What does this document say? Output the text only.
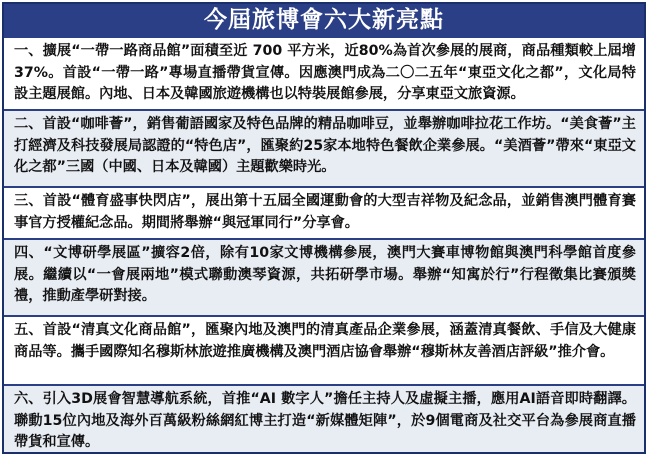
今屆旅博會六大新亮點
一、擴展“一帶一路商品館”面積至近 700 平方米，近80%為首次參展的展商，商品種類較上屆增37%。首設“一帶一路”專場直播帶貨宣傳。因應澳門成為二〇二五年“東亞文化之都”，文化局特設主題展館。內地、日本及韓國旅遊機構也以特裝展館參展，分享東亞文旅資源。
二、首設“咖啡薈”，銷售葡語國家及特色品牌的精品咖啡豆，並舉辦咖啡拉花工作坊。“美食薈”主打經濟及科技發展局認證的“特色店”，匯聚約25家本地特色餐飲企業參展。“美酒薈”帶來“東亞文化之都”三國（中國、日本及韓國）主題歡樂時光。
三、首設“體育盛事快閃店”，展出第十五屆全國運動會的大型吉祥物及紀念品，並銷售澳門體育賽事官方授權紀念品。期間將舉辦“與冠軍同行”分享會。
四、“文博研學展區”擴容2倍，除有10家文博機構參展，澳門大賽車博物館與澳門科學館首度參展。繼續以“一會展兩地”模式聯動澳琴資源，共拓研學市場。舉辦“知寓於行”行程徵集比賽頒獎禮，推動產學研對接。
五、首設“清真文化商品館”，匯聚內地及澳門的清真產品企業參展，涵蓋清真餐飲、手信及大健康商品等。攜手國際知名穆斯林旅遊推廣機構及澳門酒店協會舉辦“穆斯林友善酒店評級”推介會。
六、引入3D展會智慧導航系統，首推“AI 數字人”擔任主持人及虛擬主播，應用AI語音即時翻譯。聯動15位內地及海外百萬級粉絲網紅博主打造“新媒體矩陣”，於9個電商及社交平台為參展商直播帶貨和宣傳。
